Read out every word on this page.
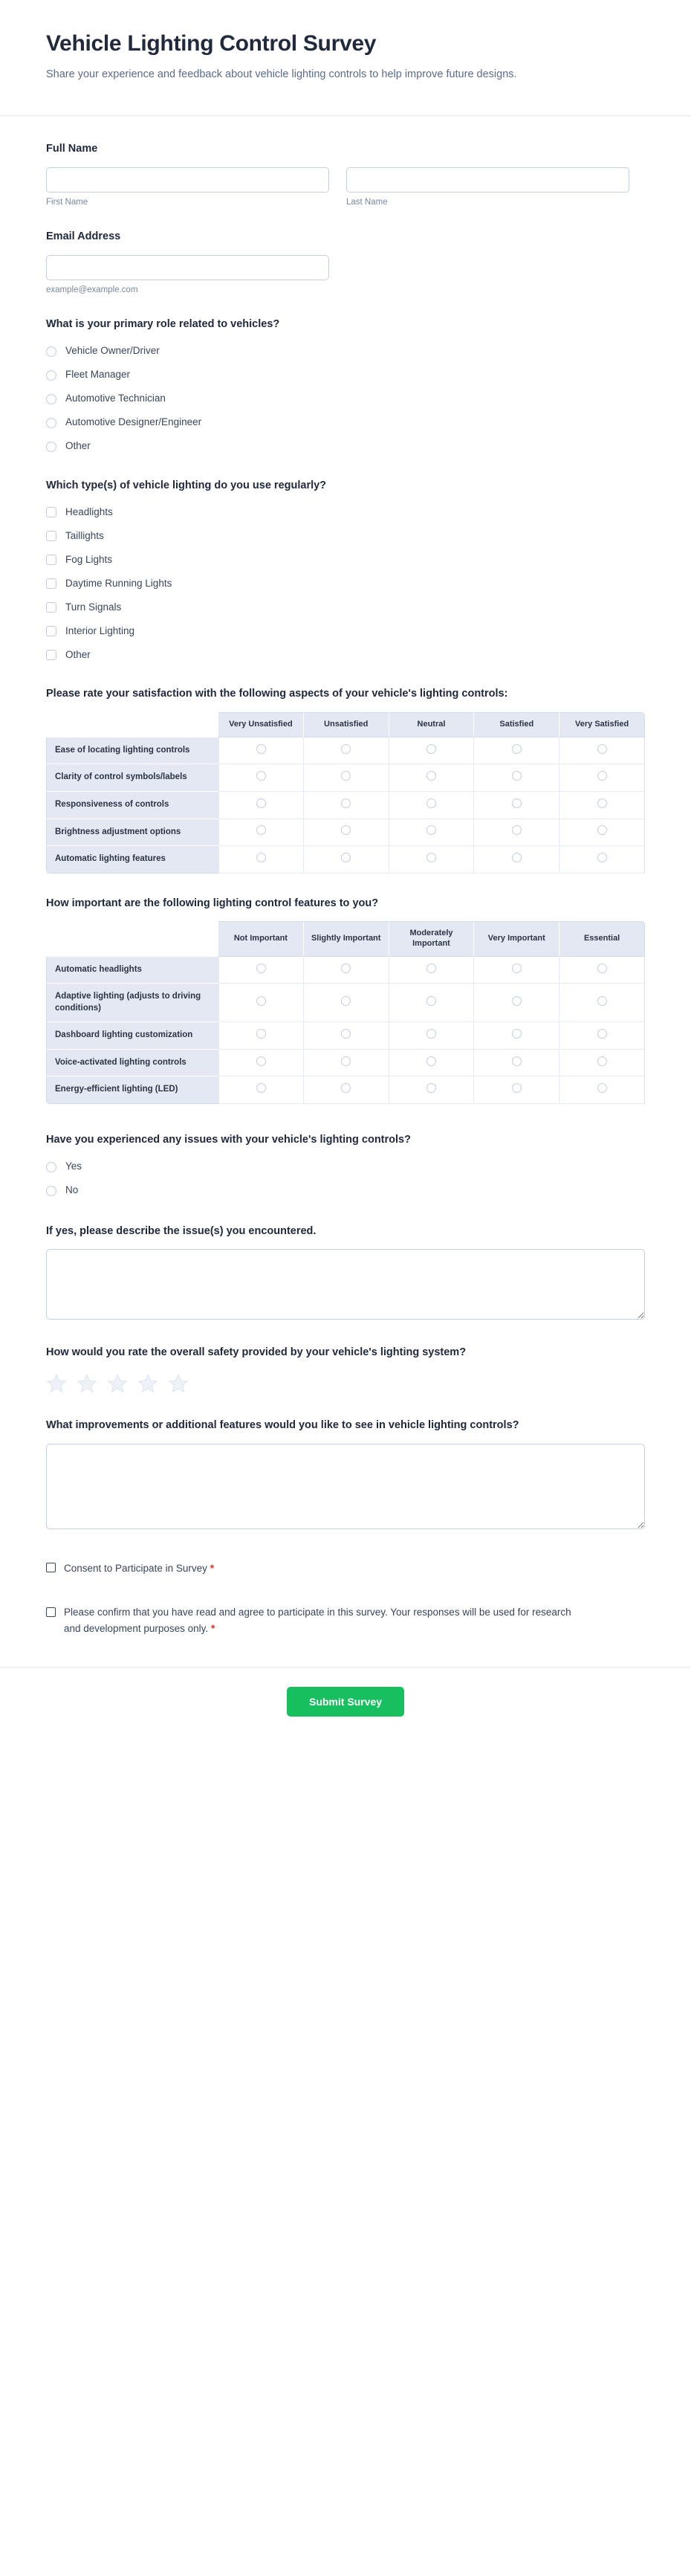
Vehicle Lighting Control Survey

Share your experience and feedback about vehicle lighting controls to help improve future designs.

Full Name
First Name	Last Name
Email Address
example@example.com
What is your primary role related to vehicles?
Vehicle Owner/Driver
Fleet Manager
Automotive Technician
Automotive Designer/Engineer
Other
Which type(s) of vehicle lighting do you use regularly?
Headlights
Taillights
Fog Lights
Daytime Running Lights
Turn Signals
Interior Lighting
Other
Please rate your satisfaction with the following aspects of your vehicle's lighting controls:
	Very Unsatisfied	Unsatisfied	Neutral	Satisfied	Very Satisfied
Ease of locating lighting controls					
Clarity of control symbols/labels					
Responsiveness of controls					
Brightness adjustment options					
Automatic lighting features					
How important are the following lighting control features to you?
	Not Important	Slightly Important	Moderately Important	Very Important	Essential
Automatic headlights					
Adaptive lighting (adjusts to driving conditions)					
Dashboard lighting customization					
Voice-activated lighting controls					
Energy-efficient lighting (LED)					
Have you experienced any issues with your vehicle's lighting controls?
Yes
No
If yes, please describe the issue(s) you encountered.
How would you rate the overall safety provided by your vehicle's lighting system?
What improvements or additional features would you like to see in vehicle lighting controls?
Consent to Participate in Survey *
Please confirm that you have read and agree to participate in this survey. Your responses will be used for research and development purposes only. *
Submit Survey
